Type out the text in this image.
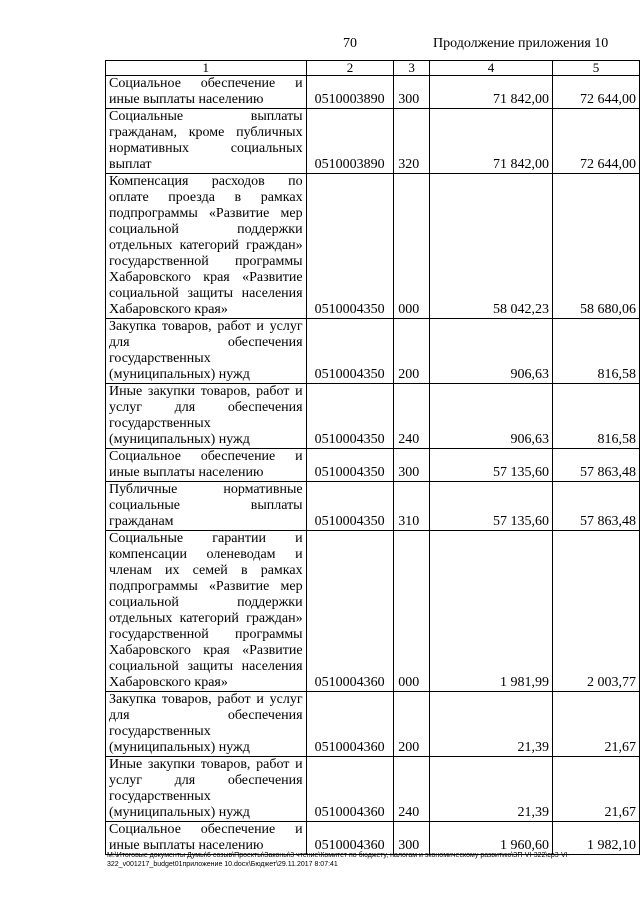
70	Продолжение приложения 10
1	2	3	4	5
Социальное обеспечение и иные выплаты населению	0510003890	300	71 842,00	72 644,00
Социальные выплаты гражданам, кроме публичных нормативных социальных выплат	0510003890	320	71 842,00	72 644,00
Компенсация расходов по оплате проезда в рамках подпрограммы «Развитие мер социальной поддержки отдельных категорий граждан» государственной программы Хабаровского края «Развитие социальной защиты населения Хабаровского края»	0510004350	000	58 042,23	58 680,06
Закупка товаров, работ и услуг для обеспечения государственных (муниципальных) нужд	0510004350	200	906,63	816,58
Иные закупки товаров, работ и услуг для обеспечения государственных (муниципальных) нужд	0510004350	240	906,63	816,58
Социальное обеспечение и иные выплаты населению	0510004350	300	57 135,60	57 863,48
Публичные нормативные социальные выплаты гражданам	0510004350	310	57 135,60	57 863,48
Социальные гарантии и компенсации оленеводам и членам их семей в рамках подпрограммы «Развитие мер социальной поддержки отдельных категорий граждан» государственной программы Хабаровского края «Развитие социальной защиты населения Хабаровского края»	0510004360	000	1 981,99	2 003,77
Закупка товаров, работ и услуг для обеспечения государственных (муниципальных) нужд	0510004360	200	21,39	21,67
Иные закупки товаров, работ и услуг для обеспечения государственных (муниципальных) нужд	0510004360	240	21,39	21,67
Социальное обеспечение и иные выплаты населению	0510004360	300	1 960,60	1 982,10
M:\Итоговые документы Думы\6 созыв\Проекты\Законы\3 чтение\Комитет по бюджету, налогам и экономическому развитию\ЗП-VI-322\ср3-VI-322_v001217_budget01приложение 10.docx\Бюджет\29.11.2017 8:07:41
